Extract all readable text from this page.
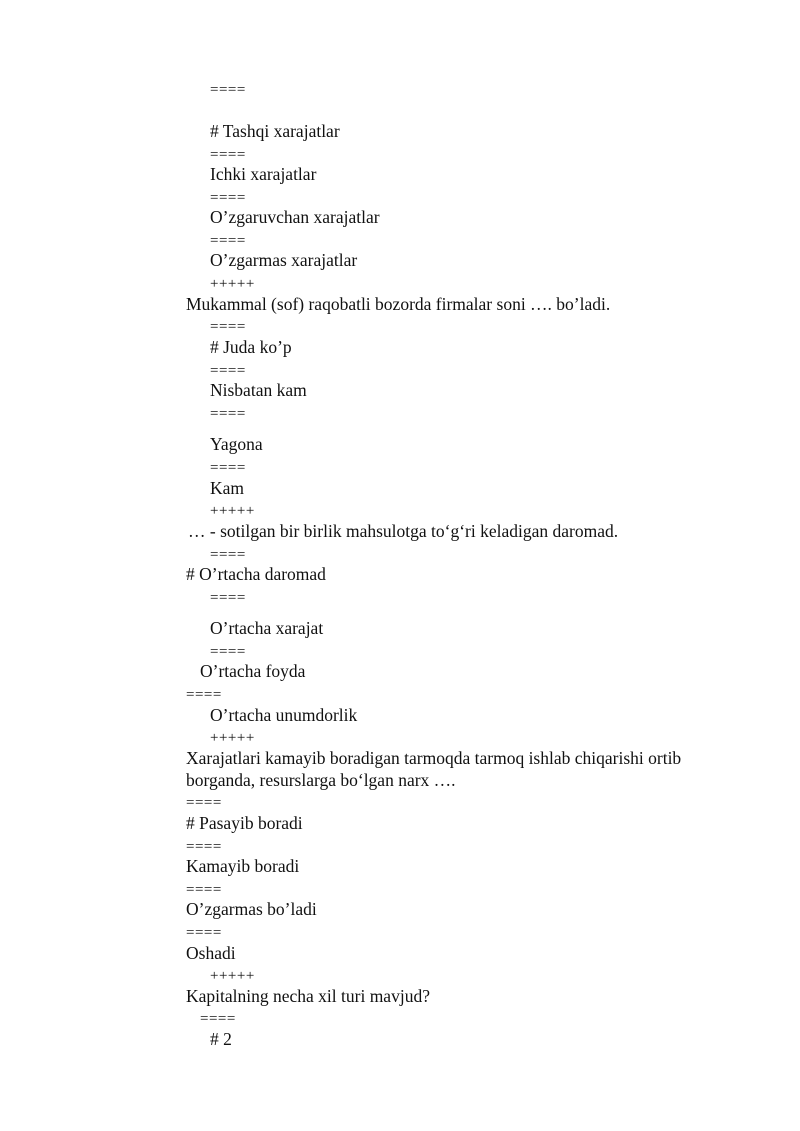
====
# Tashqi xarajatlar
====
Ichki xarajatlar
====
O’zgaruvchan xarajatlar
====
O’zgarmas xarajatlar
+++++
Mukammal (sof) raqobatli bozorda firmalar soni …. bo’ladi.
====
# Juda ko’p
====
Nisbatan kam
====
Yagona
====
Kam
+++++
… - sotilgan bir birlik mahsulotga to‘g‘ri keladigan daromad.
====
# O’rtacha daromad
====
O’rtacha xarajat
====
O’rtacha foyda
====
O’rtacha unumdorlik
+++++
Xarajatlari kamayib boradigan tarmoqda tarmoq ishlab chiqarishi ortib
borganda, resurslarga bo‘lgan narx ….
====
# Pasayib boradi
====
Kamayib boradi
====
O’zgarmas bo’ladi
====
Oshadi
+++++
Kapitalning necha xil turi mavjud?
====
# 2
